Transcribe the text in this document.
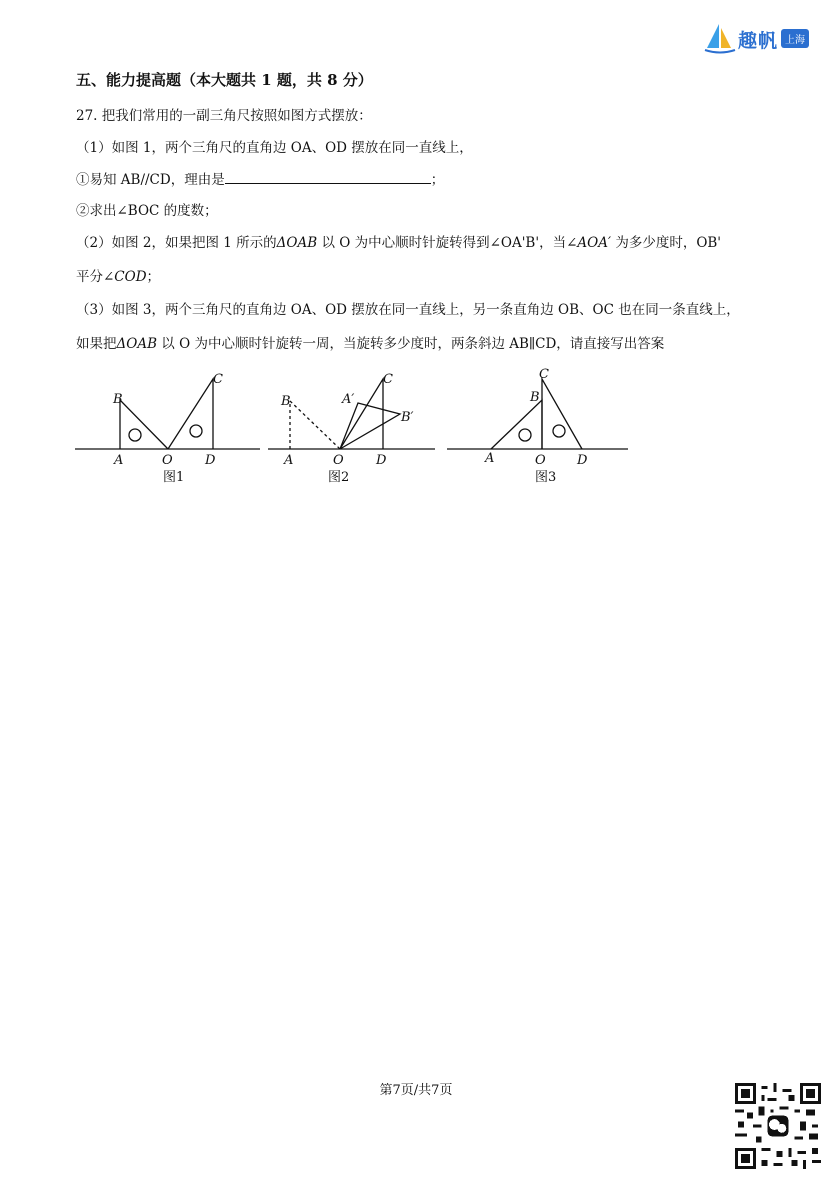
趣帆 上海
五、能力提高题（本大题共 1 题，共 8 分）
27. 把我们常用的一副三角尺按照如图方式摆放：
（1）如图 1，两个三角尺的直角边 OA、OD 摆放在同一直线上，
①易知 AB//CD，理由是	；
②求出∠BOC 的度数；
（2）如图 2，如果把图 1 所示的ΔOAB 以 O 为中心顺时针旋转得到∠OA'B'，当∠AOA′ 为多少度时，OB'
平分∠COD；
（3）如图 3，两个三角尺的直角边 OA、OD 摆放在同一直线上，另一条直角边 OB、OC 也在同一条直线上，
如果把ΔOAB 以 O 为中心顺时针旋转一周，当旋转多少度时，两条斜边 AB∥CD，请直接写出答案
B
C
A	O D
图1
B
C
A′
B′
A	O D
图2
B
C
A	O D
图3
第7页/共7页
